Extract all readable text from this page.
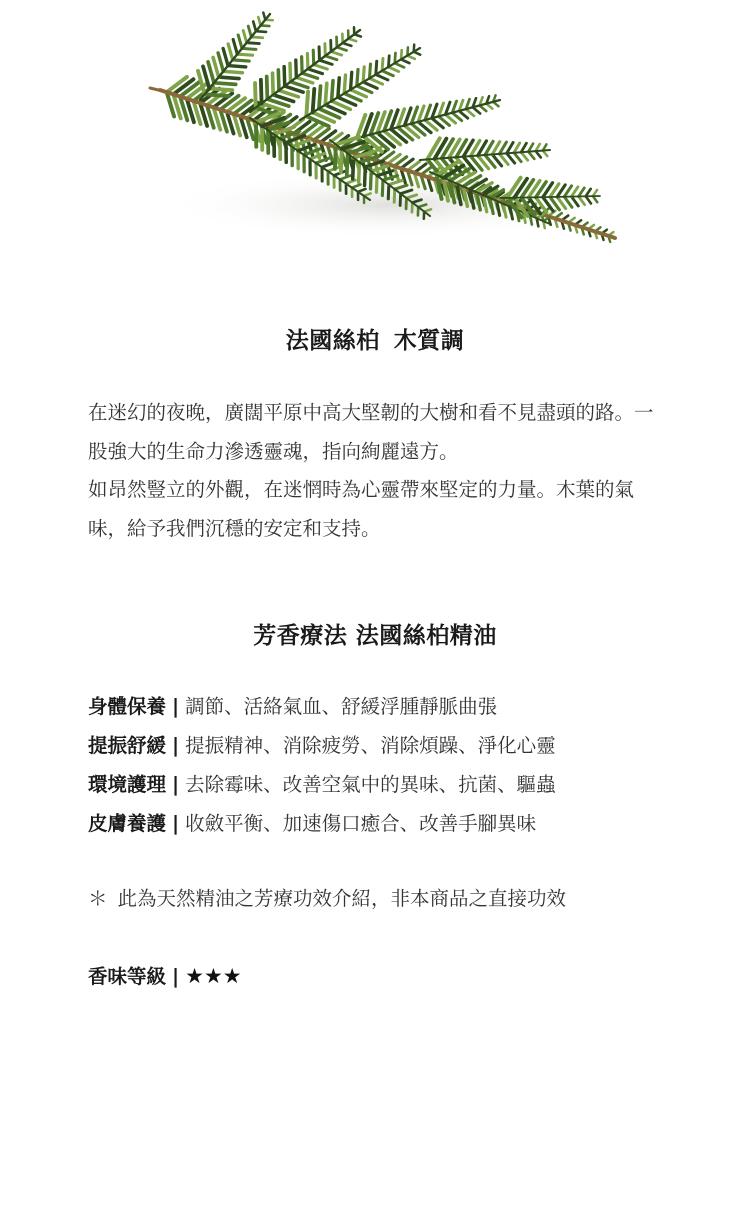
法國絲柏 木質調

在迷幻的夜晚，廣闊平原中高大堅韌的大樹和看不見盡頭的路。一股強大的生命力滲透靈魂，指向絢麗遠方。

如昂然豎立的外觀，在迷惘時為心靈帶來堅定的力量。木葉的氣味，給予我們沉穩的安定和支持。

芳香療法 法國絲柏精油
身體保養 | 調節、活絡氣血、舒緩浮腫靜脈曲張
提振舒緩 | 提振精神、消除疲勞、消除煩躁、淨化心靈
環境護理 | 去除霉味、改善空氣中的異味、抗菌、驅蟲
皮膚養護 | 收斂平衡、加速傷口癒合、改善手腳異味
＊ 此為天然精油之芳療功效介紹，非本商品之直接功效
香味等級 | ★★★
